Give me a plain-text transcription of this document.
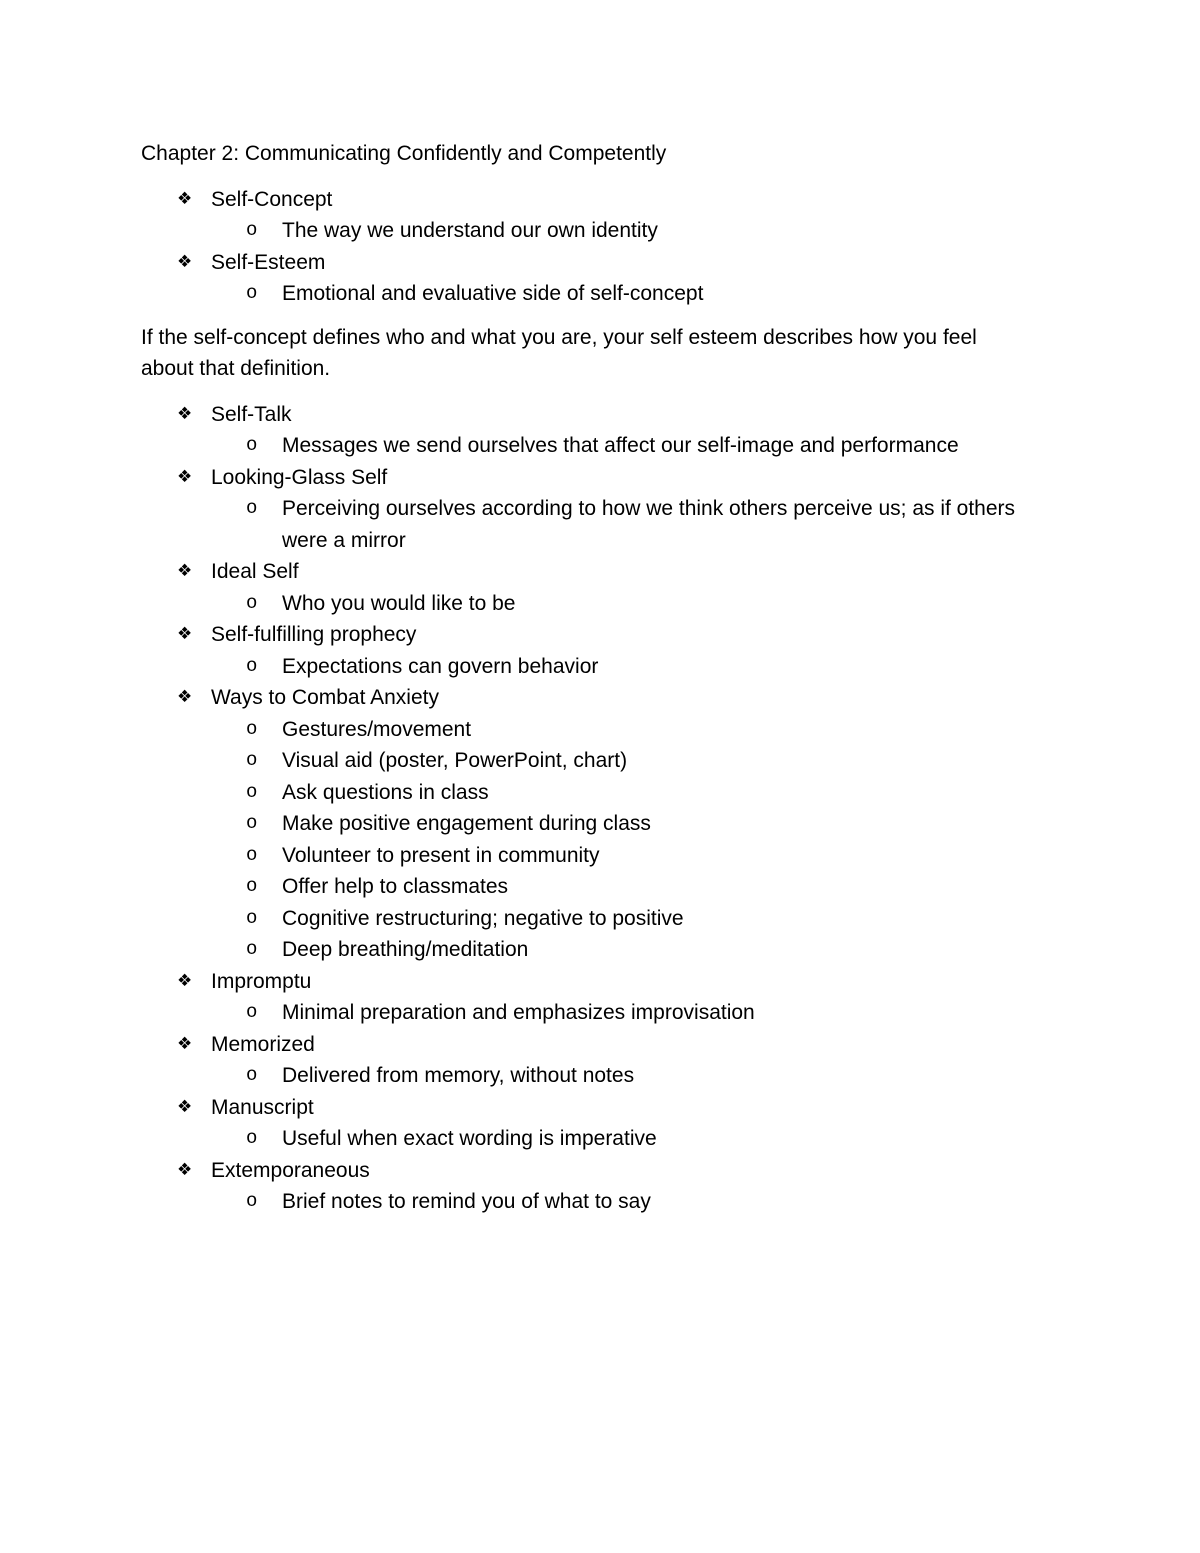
Chapter 2: Communicating Confidently and Competently
❖ Self-Concept
o The way we understand our own identity
❖ Self-Esteem
o Emotional and evaluative side of self-concept
If the self-concept defines who and what you are, your self esteem describes how you feel about that definition.
❖ Self-Talk
o Messages we send ourselves that affect our self-image and performance
❖ Looking-Glass Self
o Perceiving ourselves according to how we think others perceive us; as if others were a mirror
❖ Ideal Self
o Who you would like to be
❖ Self-fulfilling prophecy
o Expectations can govern behavior
❖ Ways to Combat Anxiety
o Gestures/movement
o Visual aid (poster, PowerPoint, chart)
o Ask questions in class
o Make positive engagement during class
o Volunteer to present in community
o Offer help to classmates
o Cognitive restructuring; negative to positive
o Deep breathing/meditation
❖ Impromptu
o Minimal preparation and emphasizes improvisation
❖ Memorized
o Delivered from memory, without notes
❖ Manuscript
o Useful when exact wording is imperative
❖ Extemporaneous
o Brief notes to remind you of what to say
